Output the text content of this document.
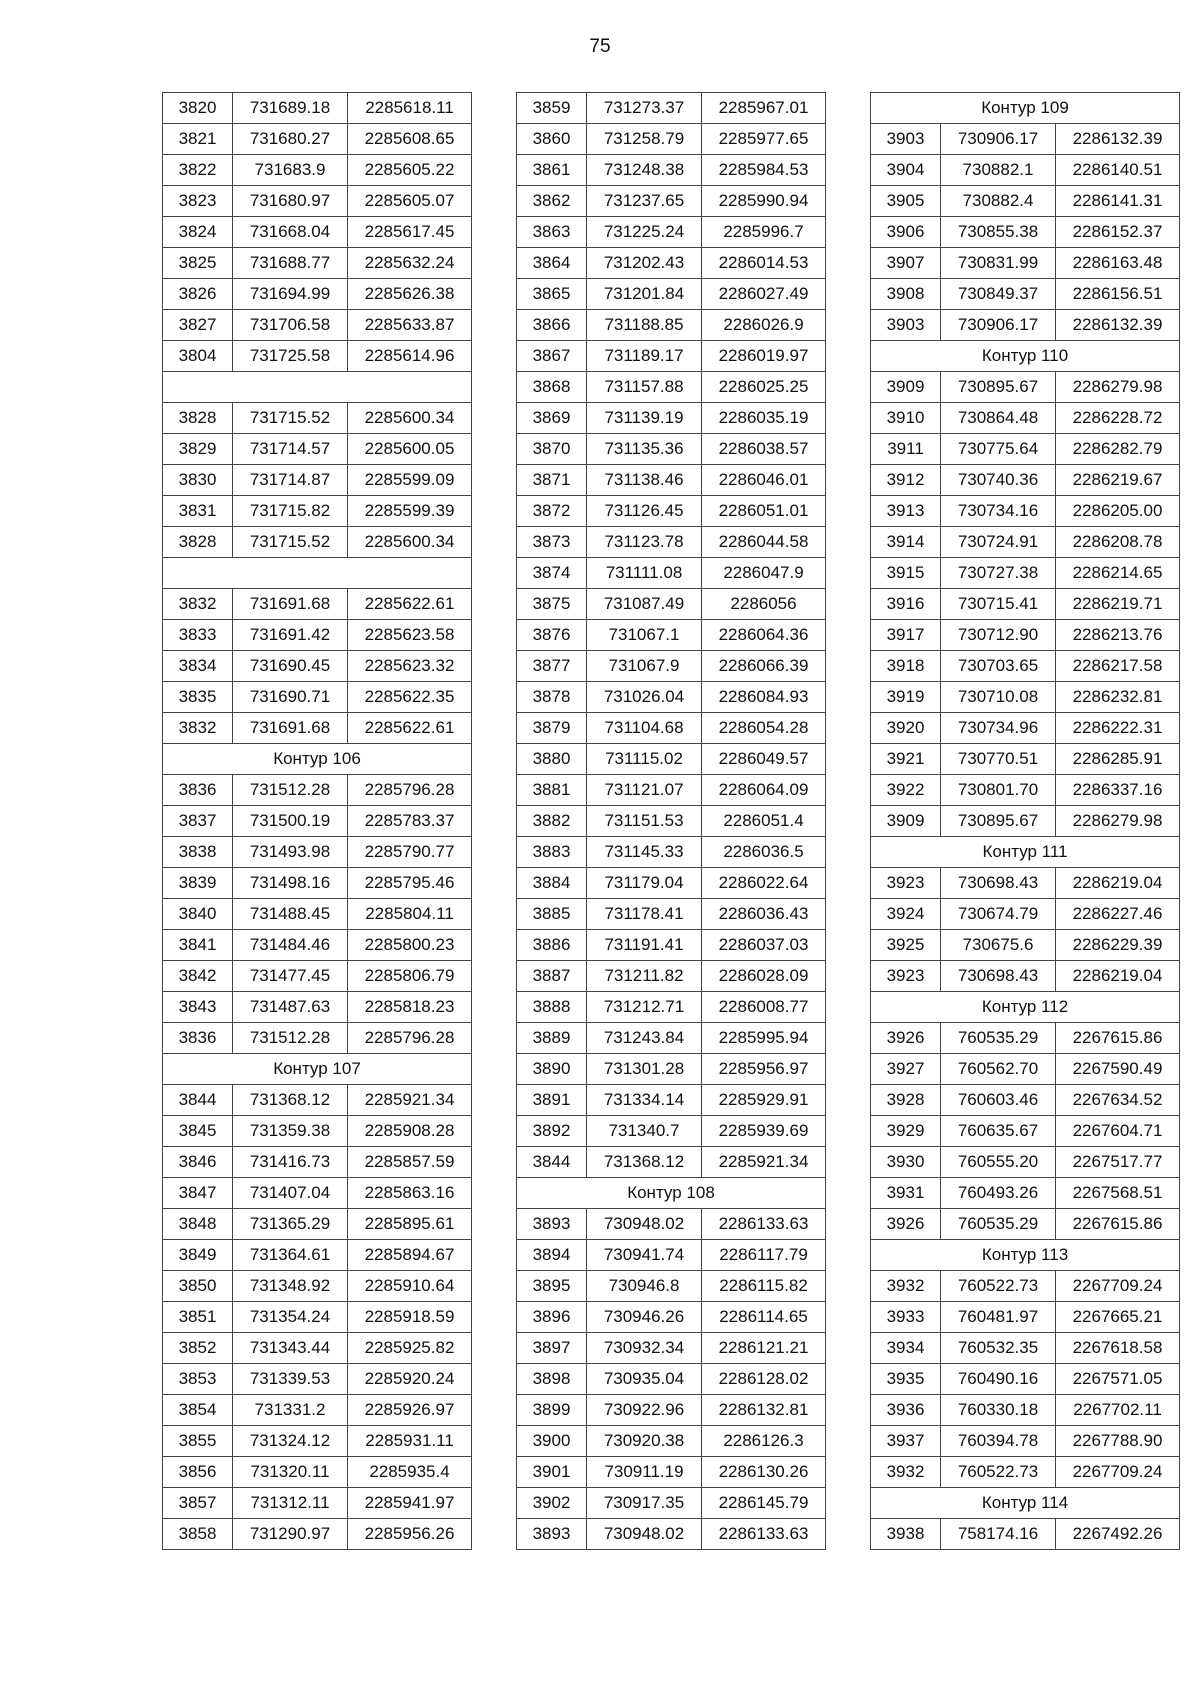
75
3820	731689.18	2285618.11
3821	731680.27	2285608.65
3822	731683.9	2285605.22
3823	731680.97	2285605.07
3824	731668.04	2285617.45
3825	731688.77	2285632.24
3826	731694.99	2285626.38
3827	731706.58	2285633.87
3804	731725.58	2285614.96

3828	731715.52	2285600.34
3829	731714.57	2285600.05
3830	731714.87	2285599.09
3831	731715.82	2285599.39
3828	731715.52	2285600.34

3832	731691.68	2285622.61
3833	731691.42	2285623.58
3834	731690.45	2285623.32
3835	731690.71	2285622.35
3832	731691.68	2285622.61
Контур 106		
3836	731512.28	2285796.28
3837	731500.19	2285783.37
3838	731493.98	2285790.77
3839	731498.16	2285795.46
3840	731488.45	2285804.11
3841	731484.46	2285800.23
3842	731477.45	2285806.79
3843	731487.63	2285818.23
3836	731512.28	2285796.28
Контур 107		
3844	731368.12	2285921.34
3845	731359.38	2285908.28
3846	731416.73	2285857.59
3847	731407.04	2285863.16
3848	731365.29	2285895.61
3849	731364.61	2285894.67
3850	731348.92	2285910.64
3851	731354.24	2285918.59
3852	731343.44	2285925.82
3853	731339.53	2285920.24
3854	731331.2	2285926.97
3855	731324.12	2285931.11
3856	731320.11	2285935.4
3857	731312.11	2285941.97
3858	731290.97	2285956.26
3859	731273.37	2285967.01
3860	731258.79	2285977.65
3861	731248.38	2285984.53
3862	731237.65	2285990.94
3863	731225.24	2285996.7
3864	731202.43	2286014.53
3865	731201.84	2286027.49
3866	731188.85	2286026.9
3867	731189.17	2286019.97
3868	731157.88	2286025.25
3869	731139.19	2286035.19
3870	731135.36	2286038.57
3871	731138.46	2286046.01
3872	731126.45	2286051.01
3873	731123.78	2286044.58
3874	731111.08	2286047.9
3875	731087.49	2286056
3876	731067.1	2286064.36
3877	731067.9	2286066.39
3878	731026.04	2286084.93
3879	731104.68	2286054.28
3880	731115.02	2286049.57
3881	731121.07	2286064.09
3882	731151.53	2286051.4
3883	731145.33	2286036.5
3884	731179.04	2286022.64
3885	731178.41	2286036.43
3886	731191.41	2286037.03
3887	731211.82	2286028.09
3888	731212.71	2286008.77
3889	731243.84	2285995.94
3890	731301.28	2285956.97
3891	731334.14	2285929.91
3892	731340.7	2285939.69
3844	731368.12	2285921.34
Контур 108		
3893	730948.02	2286133.63
3894	730941.74	2286117.79
3895	730946.8	2286115.82
3896	730946.26	2286114.65
3897	730932.34	2286121.21
3898	730935.04	2286128.02
3899	730922.96	2286132.81
3900	730920.38	2286126.3
3901	730911.19	2286130.26
3902	730917.35	2286145.79
3893	730948.02	2286133.63
Контур 109		
3903	730906.17	2286132.39
3904	730882.1	2286140.51
3905	730882.4	2286141.31
3906	730855.38	2286152.37
3907	730831.99	2286163.48
3908	730849.37	2286156.51
3903	730906.17	2286132.39
Контур 110		
3909	730895.67	2286279.98
3910	730864.48	2286228.72
3911	730775.64	2286282.79
3912	730740.36	2286219.67
3913	730734.16	2286205.00
3914	730724.91	2286208.78
3915	730727.38	2286214.65
3916	730715.41	2286219.71
3917	730712.90	2286213.76
3918	730703.65	2286217.58
3919	730710.08	2286232.81
3920	730734.96	2286222.31
3921	730770.51	2286285.91
3922	730801.70	2286337.16
3909	730895.67	2286279.98
Контур 111		
3923	730698.43	2286219.04
3924	730674.79	2286227.46
3925	730675.6	2286229.39
3923	730698.43	2286219.04
Контур 112		
3926	760535.29	2267615.86
3927	760562.70	2267590.49
3928	760603.46	2267634.52
3929	760635.67	2267604.71
3930	760555.20	2267517.77
3931	760493.26	2267568.51
3926	760535.29	2267615.86
Контур 113		
3932	760522.73	2267709.24
3933	760481.97	2267665.21
3934	760532.35	2267618.58
3935	760490.16	2267571.05
3936	760330.18	2267702.11
3937	760394.78	2267788.90
3932	760522.73	2267709.24
Контур 114		
3938	758174.16	2267492.26
